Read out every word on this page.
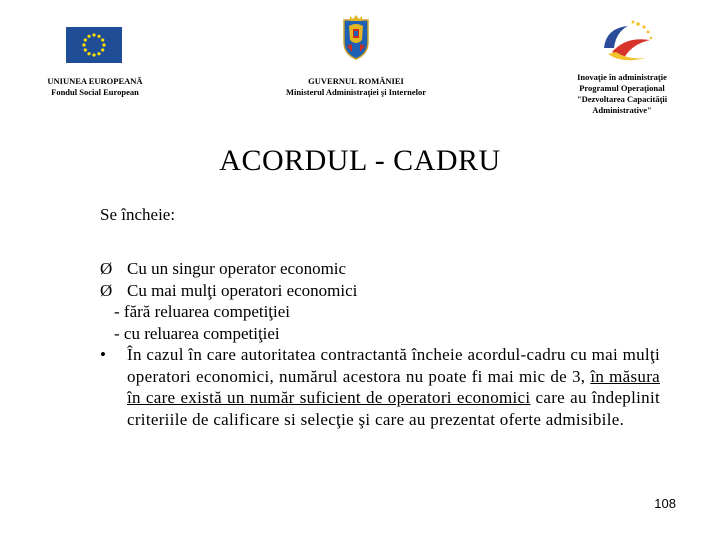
UNIUNEA EUROPEANĂ
Fondul Social European
GUVERNUL ROMÂNIEI
Ministerul Administraţiei şi Internelor
Inovaţie în administraţie
Programul Operaţional
"Dezvoltarea Capacităţii
Administrative"
ACORDUL - CADRU
Se încheie:
Ø Cu un singur operator economic
Ø Cu mai mulţi operatori economici
- fără reluarea competiţiei
- cu reluarea competiţiei
• În cazul în care autoritatea contractantă încheie acordul-cadru cu mai mulţi operatori economici, numărul acestora nu poate fi mai mic de 3, în măsura în care există un număr suficient de operatori economici care au îndeplinit criteriile de calificare si selecţie şi care au prezentat oferte admisibile.
108
